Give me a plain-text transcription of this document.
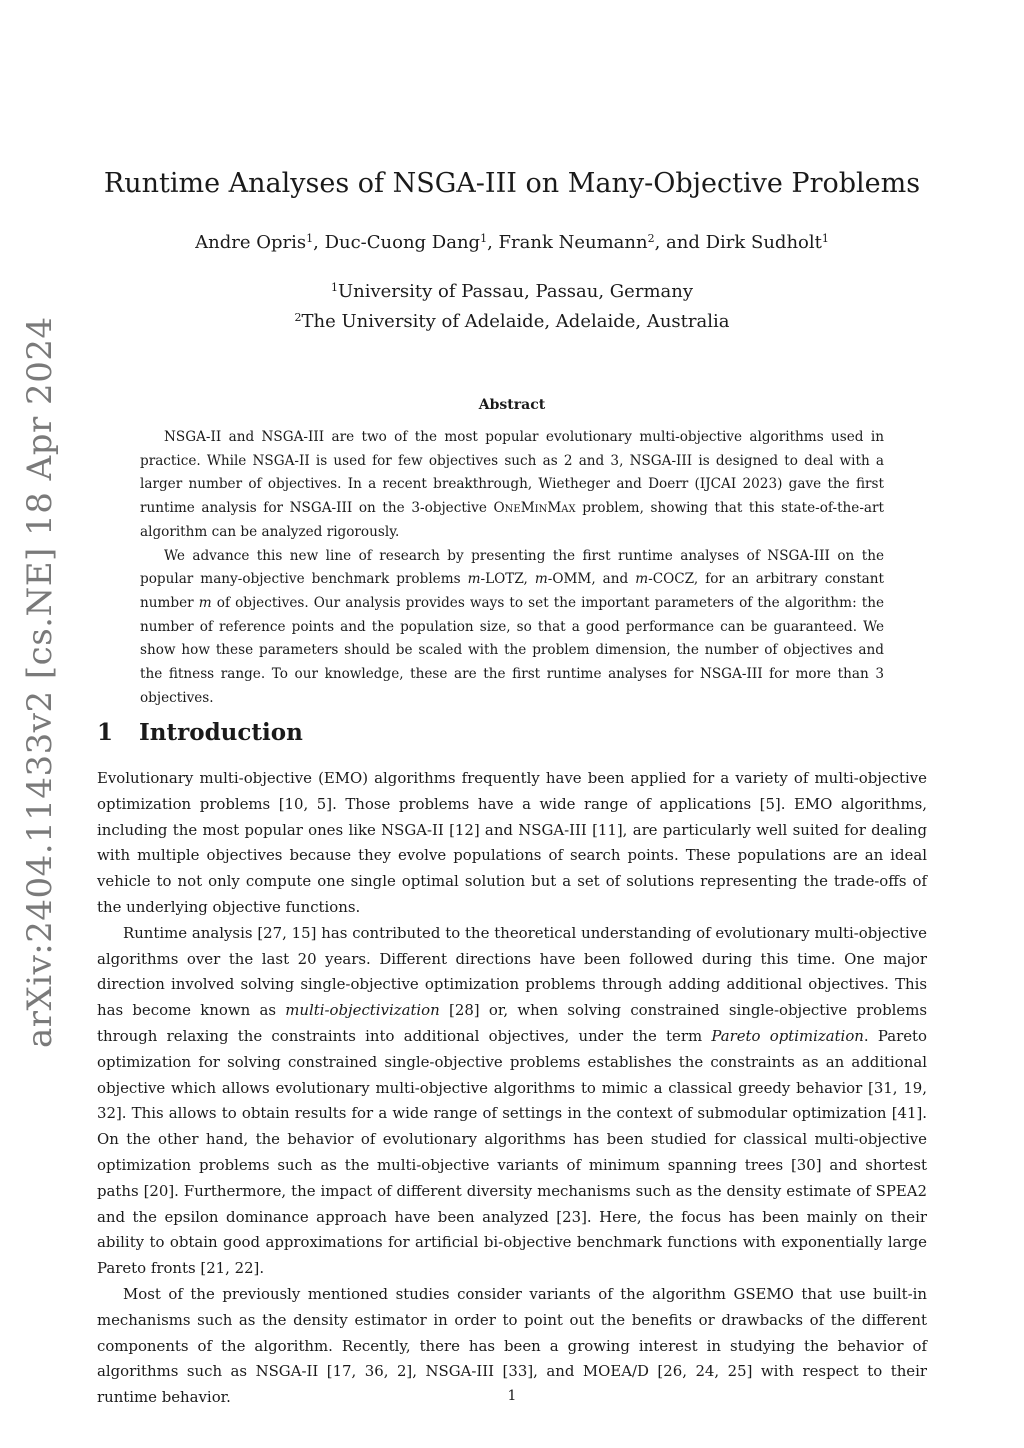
arXiv:2404.11433v2 [cs.NE] 18 Apr 2024
Runtime Analyses of NSGA-III on Many-Objective Problems
Andre Opris$^1$, Duc-Cuong Dang$^1$, Frank Neumann$^2$, and Dirk Sudholt$^1$
$^1$University of Passau, Passau, Germany
$^2$The University of Adelaide, Adelaide, Australia
Abstract

NSGA-II and NSGA-III are two of the most popular evolutionary multi-objective algorithms used in practice. While NSGA-II is used for few objectives such as 2 and 3, NSGA-III is designed to deal with a larger number of objectives. In a recent breakthrough, Wietheger and Doerr (IJCAI 2023) gave the first runtime analysis for NSGA-III on the 3-objective OneMinMax problem, showing that this state-of-the-art algorithm can be analyzed rigorously.

We advance this new line of research by presenting the first runtime analyses of NSGA-III on the popular many-objective benchmark problems m-LOTZ, m-OMM, and m-COCZ, for an arbitrary constant number m of objectives. Our analysis provides ways to set the important parameters of the algorithm: the number of reference points and the population size, so that a good performance can be guaranteed. We show how these parameters should be scaled with the problem dimension, the number of objectives and the fitness range. To our knowledge, these are the first runtime analyses for NSGA-III for more than 3 objectives.

1 Introduction

Evolutionary multi-objective (EMO) algorithms frequently have been applied for a variety of multi-objective optimization problems [10, 5]. Those problems have a wide range of applications [5]. EMO algorithms, including the most popular ones like NSGA-II [12] and NSGA-III [11], are particularly well suited for dealing with multiple objectives because they evolve populations of search points. These populations are an ideal vehicle to not only compute one single optimal solution but a set of solutions representing the trade-offs of the underlying objective functions.

Runtime analysis [27, 15] has contributed to the theoretical understanding of evolutionary multi-objective algorithms over the last 20 years. Different directions have been followed during this time. One major direction involved solving single-objective optimization problems through adding additional objectives. This has become known as multi-objectivization [28] or, when solving constrained single-objective problems through relaxing the constraints into additional objectives, under the term Pareto optimization. Pareto optimization for solving constrained single-objective problems establishes the constraints as an additional objective which allows evolutionary multi-objective algorithms to mimic a classical greedy behavior [31, 19, 32]. This allows to obtain results for a wide range of settings in the context of submodular optimization [41]. On the other hand, the behavior of evolutionary algorithms has been studied for classical multi-objective optimization problems such as the multi-objective variants of minimum spanning trees [30] and shortest paths [20]. Furthermore, the impact of different diversity mechanisms such as the density estimate of SPEA2 and the epsilon dominance approach have been analyzed [23]. Here, the focus has been mainly on their ability to obtain good approximations for artificial bi-objective benchmark functions with exponentially large Pareto fronts [21, 22].

Most of the previously mentioned studies consider variants of the algorithm GSEMO that use built-in mechanisms such as the density estimator in order to point out the benefits or drawbacks of the different components of the algorithm. Recently, there has been a growing interest in studying the behavior of algorithms such as NSGA-II [17, 36, 2], NSGA-III [33], and MOEA/D [26, 24, 25] with respect to their runtime behavior.	1
